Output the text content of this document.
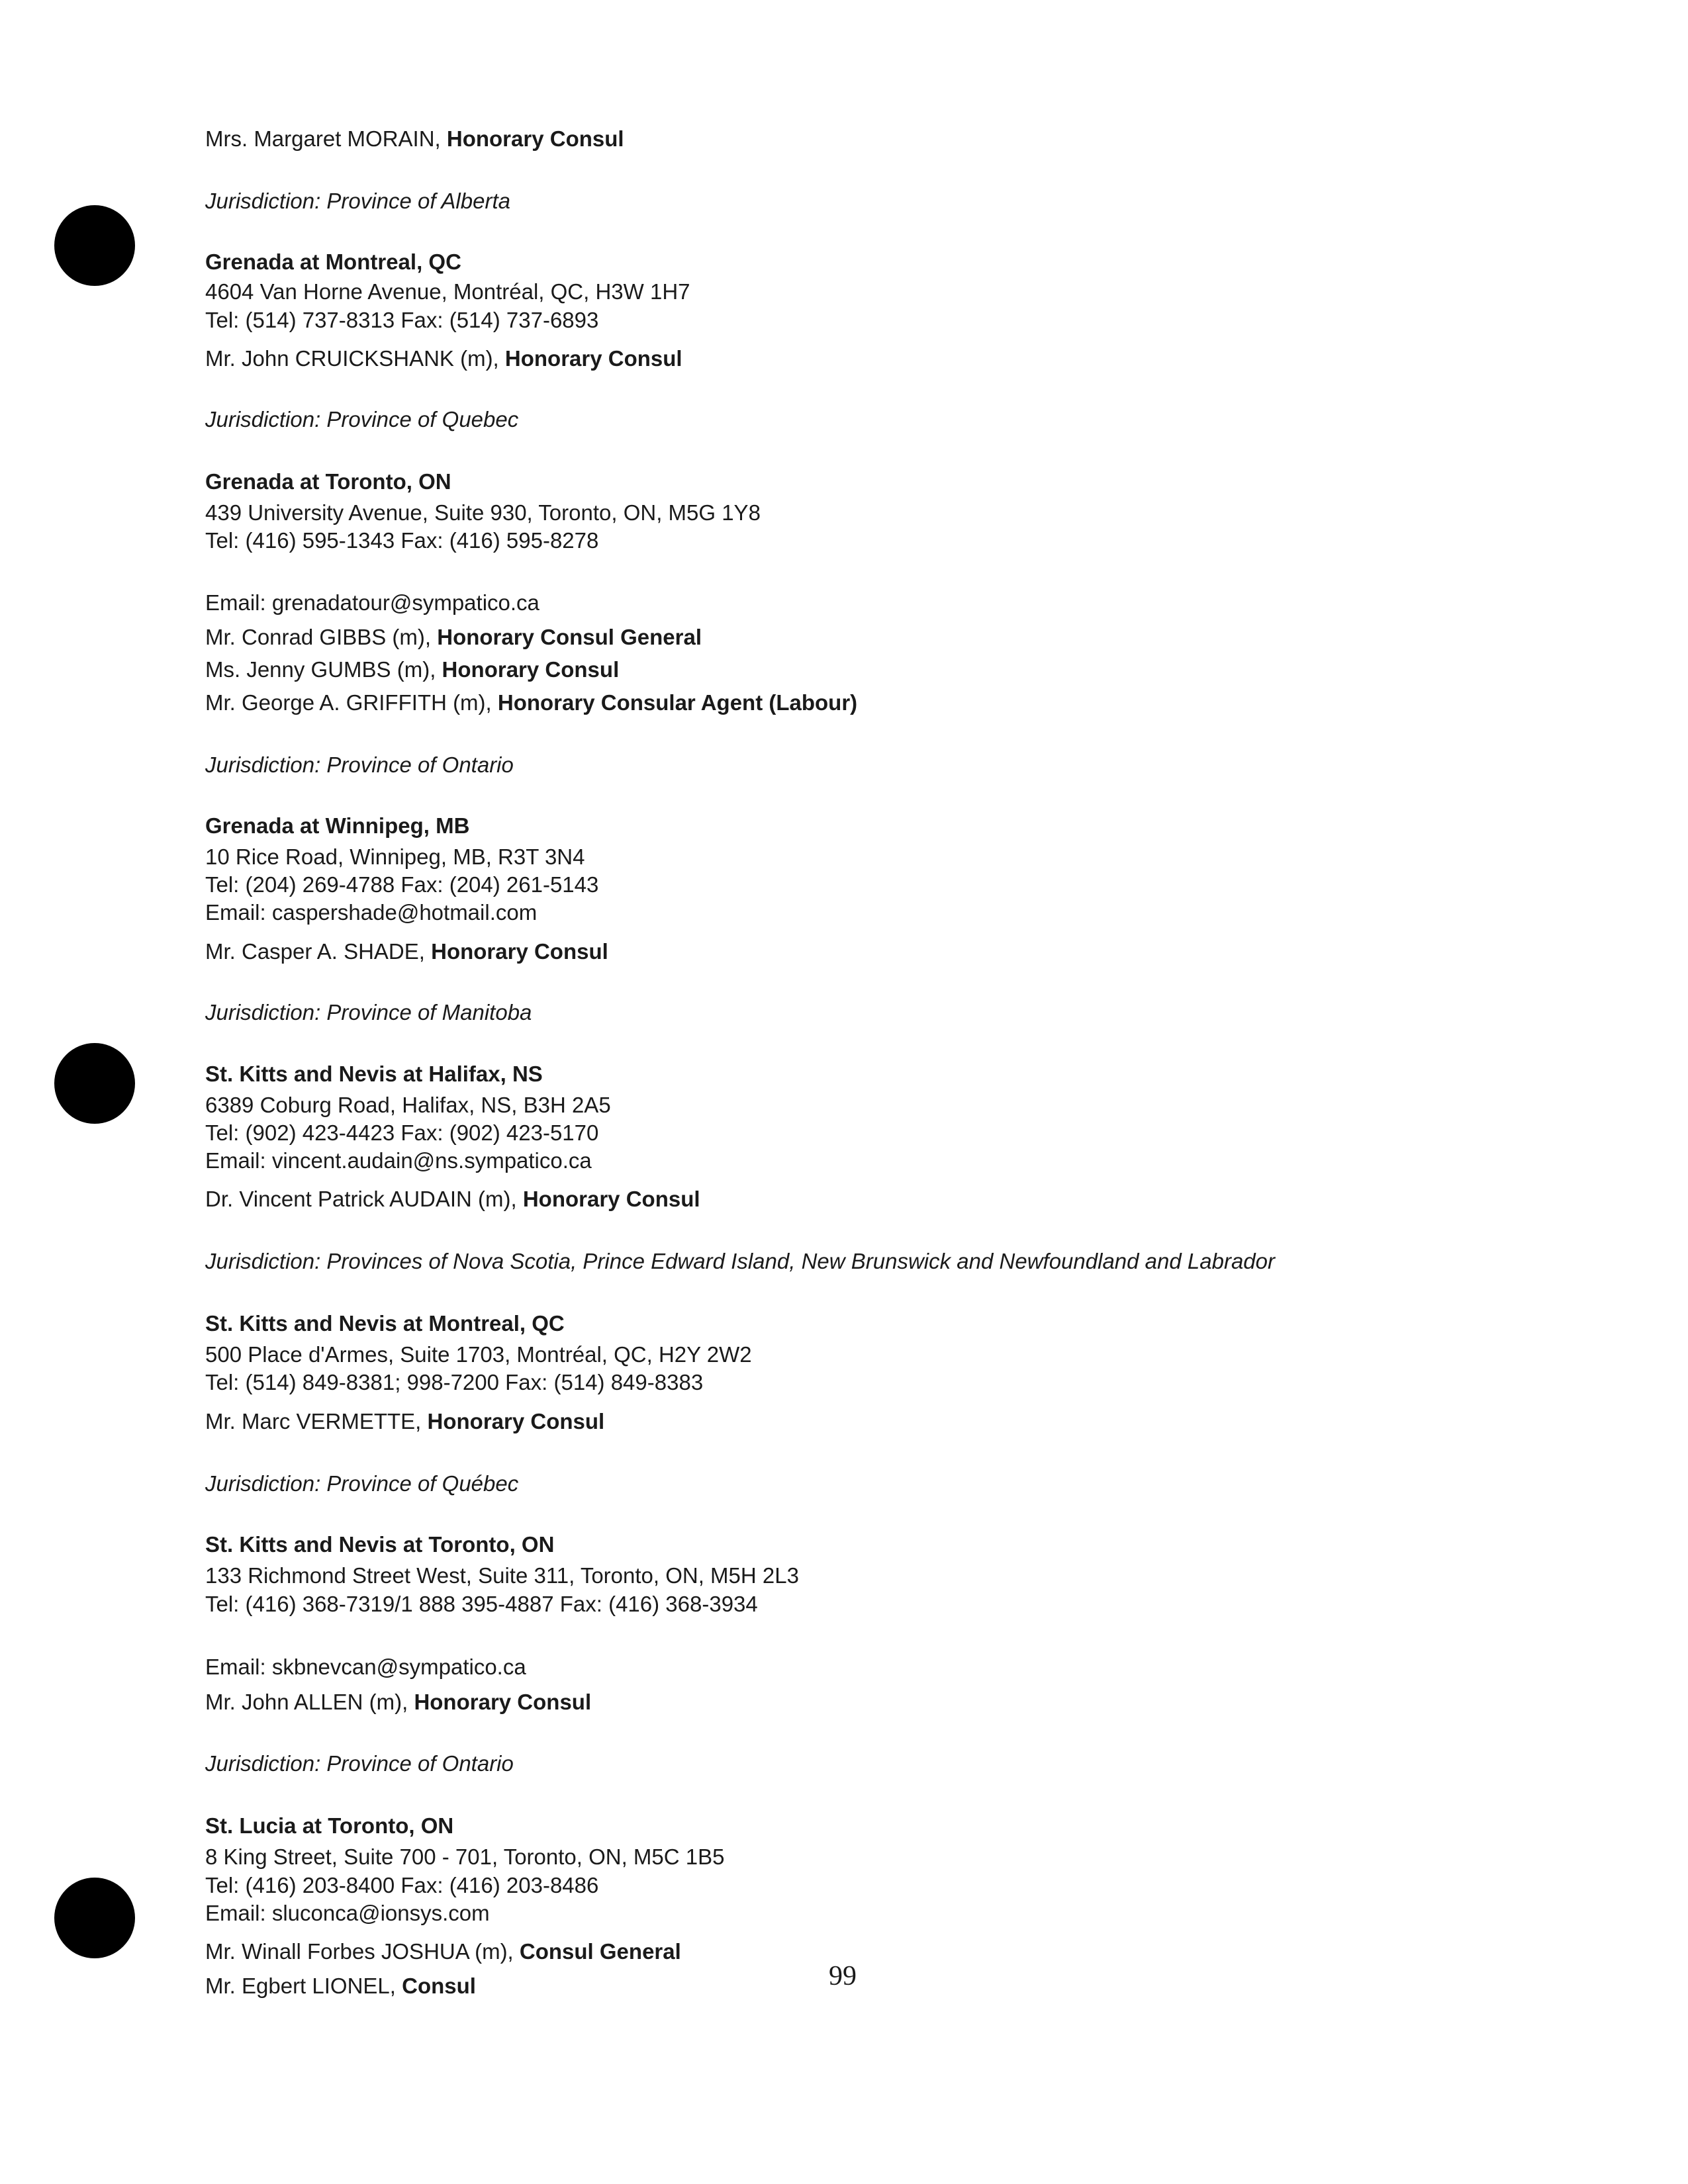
Mrs. Margaret MORAIN, Honorary Consul

Jurisdiction: Province of Alberta

Grenada at Montreal, QC

4604 Van Horne Avenue, Montréal, QC, H3W 1H7

Tel: (514) 737-8313 Fax: (514) 737-6893

Mr. John CRUICKSHANK (m), Honorary Consul

Jurisdiction: Province of Quebec

Grenada at Toronto, ON

439 University Avenue, Suite 930, Toronto, ON, M5G 1Y8

Tel: (416) 595-1343 Fax: (416) 595-8278

Email: grenadatour@sympatico.ca

Mr. Conrad GIBBS (m), Honorary Consul General

Ms. Jenny GUMBS (m), Honorary Consul

Mr. George A. GRIFFITH (m), Honorary Consular Agent (Labour)

Jurisdiction: Province of Ontario

Grenada at Winnipeg, MB

10 Rice Road, Winnipeg, MB, R3T 3N4

Tel: (204) 269-4788 Fax: (204) 261-5143

Email: caspershade@hotmail.com

Mr. Casper A. SHADE, Honorary Consul

Jurisdiction: Province of Manitoba

St. Kitts and Nevis at Halifax, NS

6389 Coburg Road, Halifax, NS, B3H 2A5

Tel: (902) 423-4423 Fax: (902) 423-5170

Email: vincent.audain@ns.sympatico.ca

Dr. Vincent Patrick AUDAIN (m), Honorary Consul

Jurisdiction: Provinces of Nova Scotia, Prince Edward Island, New Brunswick and Newfoundland and Labrador

St. Kitts and Nevis at Montreal, QC

500 Place d'Armes, Suite 1703, Montréal, QC, H2Y 2W2

Tel: (514) 849-8381; 998-7200 Fax: (514) 849-8383

Mr. Marc VERMETTE, Honorary Consul

Jurisdiction: Province of Québec

St. Kitts and Nevis at Toronto, ON

133 Richmond Street West, Suite 311, Toronto, ON, M5H 2L3

Tel: (416) 368-7319/1 888 395-4887 Fax: (416) 368-3934

Email: skbnevcan@sympatico.ca

Mr. John ALLEN (m), Honorary Consul

Jurisdiction: Province of Ontario

St. Lucia at Toronto, ON

8 King Street, Suite 700 - 701, Toronto, ON, M5C 1B5

Tel: (416) 203-8400 Fax: (416) 203-8486

Email: sluconca@ionsys.com

Mr. Winall Forbes JOSHUA (m), Consul General

Mr. Egbert LIONEL, Consul	99
